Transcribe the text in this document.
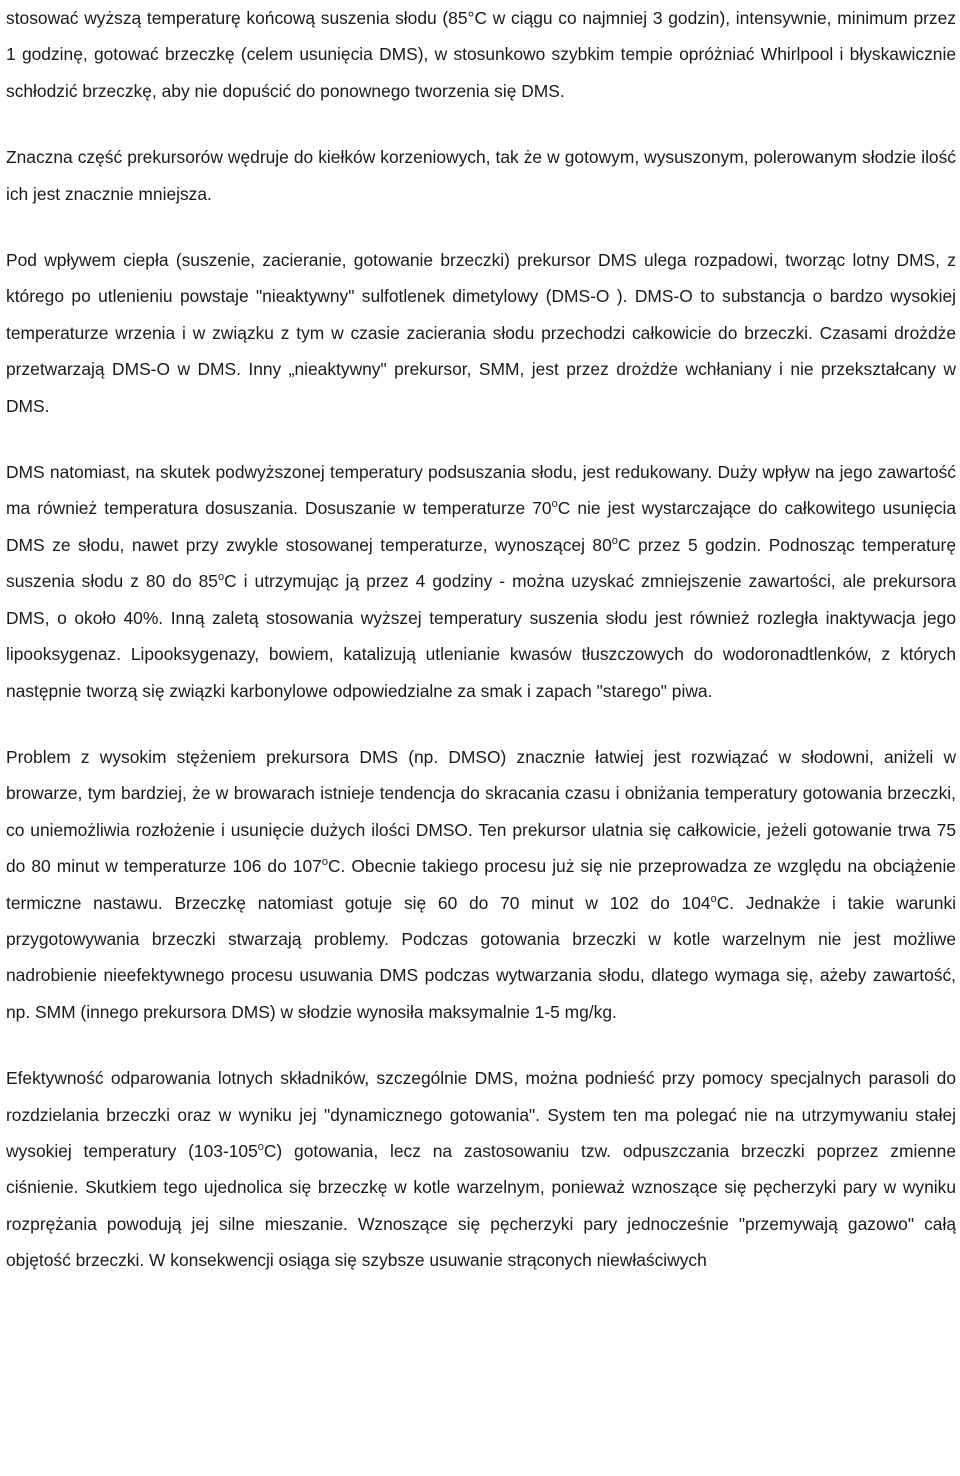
stosować wyższą temperaturę końcową suszenia słodu (85°C w ciągu co najmniej 3 godzin), intensywnie, minimum przez 1 godzinę, gotować brzeczkę (celem usunięcia DMS), w stosunkowo szybkim tempie opróżniać Whirlpool i błyskawicznie schłodzić brzeczkę, aby nie dopuścić do ponownego tworzenia się DMS.

Znaczna część prekursorów wędruje do kiełków korzeniowych, tak że w gotowym, wysuszonym, polerowanym słodzie ilość ich jest znacznie mniejsza.

Pod wpływem ciepła (suszenie, zacieranie, gotowanie brzeczki) prekursor DMS ulega rozpadowi, tworząc lotny DMS, z którego po utlenieniu powstaje "nieaktywny" sulfotlenek dimetylowy (DMS-O ). DMS-O to substancja o bardzo wysokiej temperaturze wrzenia i w związku z tym w czasie zacierania słodu przechodzi całkowicie do brzeczki. Czasami drożdże przetwarzają DMS-O w DMS. Inny „nieaktywny" prekursor, SMM, jest przez drożdże wchłaniany i nie przekształcany w DMS.

DMS natomiast, na skutek podwyższonej temperatury podsuszania słodu, jest redukowany. Duży wpływ na jego zawartość ma również temperatura dosuszania. Dosuszanie w temperaturze 70$^o$C nie jest wystarczające do całkowitego usunięcia DMS ze słodu, nawet przy zwykle stosowanej temperaturze, wynoszącej 80$^o$C przez 5 godzin. Podnosząc temperaturę suszenia słodu z 80 do 85$^o$C i utrzymując ją przez 4 godziny - można uzyskać zmniejszenie zawartości, ale prekursora DMS, o około 40%. Inną zaletą stosowania wyższej temperatury suszenia słodu jest również rozległa inaktywacja jego lipooksygenaz. Lipooksygenazy, bowiem, katalizują utlenianie kwasów tłuszczowych do wodoronadtlenków, z których następnie tworzą się związki karbonylowe odpowiedzialne za smak i zapach "starego" piwa.

Problem z wysokim stężeniem prekursora DMS (np. DMSO) znacznie łatwiej jest rozwiązać w słodowni, aniżeli w browarze, tym bardziej, że w browarach istnieje tendencja do skracania czasu i obniżania temperatury gotowania brzeczki, co uniemożliwia rozłożenie i usunięcie dużych ilości DMSO. Ten prekursor ulatnia się całkowicie, jeżeli gotowanie trwa 75 do 80 minut w temperaturze 106 do 107$^o$C. Obecnie takiego procesu już się nie przeprowadza ze względu na obciążenie termiczne nastawu. Brzeczkę natomiast gotuje się 60 do 70 minut w 102 do 104$^o$C. Jednakże i takie warunki przygotowywania brzeczki stwarzają problemy. Podczas gotowania brzeczki w kotle warzelnym nie jest możliwe nadrobienie nieefektywnego procesu usuwania DMS podczas wytwarzania słodu, dlatego wymaga się, ażeby zawartość, np. SMM (innego prekursora DMS) w słodzie wynosiła maksymalnie 1-5 mg/kg.

Efektywność odparowania lotnych składników, szczególnie DMS, można podnieść przy pomocy specjalnych parasoli do rozdzielania brzeczki oraz w wyniku jej "dynamicznego gotowania". System ten ma polegać nie na utrzymywaniu stałej wysokiej temperatury (103-105$^o$C) gotowania, lecz na zastosowaniu tzw. odpuszczania brzeczki poprzez zmienne ciśnienie. Skutkiem tego ujednolica się brzeczkę w kotle warzelnym, ponieważ wznoszące się pęcherzyki pary w wyniku rozprężania powodują jej silne mieszanie. Wznoszące się pęcherzyki pary jednocześnie "przemywają gazowo" całą objętość brzeczki. W konsekwencji osiąga się szybsze usuwanie strąconych niewłaściwych
